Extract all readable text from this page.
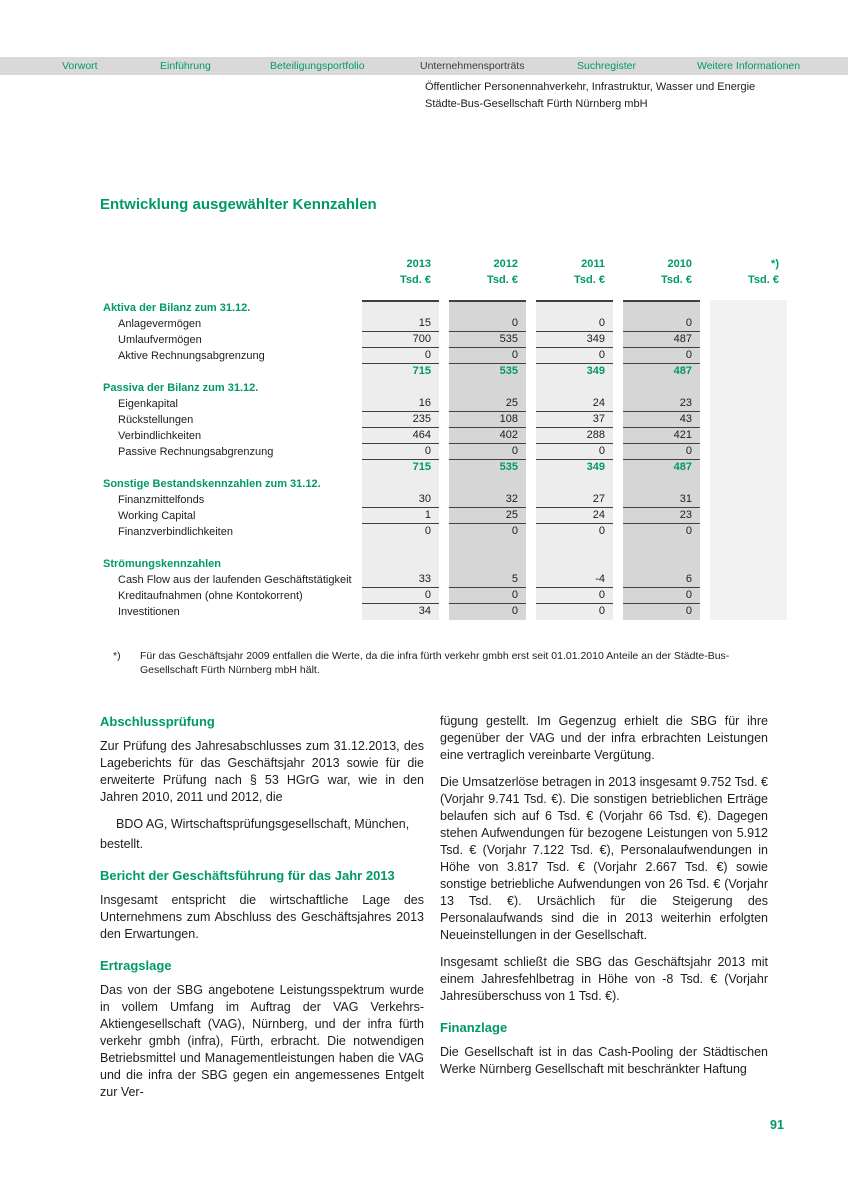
Vorwort	Einführung	Beteiligungsportfolio	Unternehmensporträts	Suchregister	Weitere Informationen
Öffentlicher Personennahverkehr, Infrastruktur, Wasser und Energie
Städte-Bus-Gesellschaft Fürth Nürnberg mbH
Entwicklung ausgewählter Kennzahlen
2013	2012	2011	2010	*)
Tsd. €	Tsd. €	Tsd. €	Tsd. €	Tsd. €
Aktiva der Bilanz zum 31.12.
Anlagevermögen	15	0	0	0
Umlaufvermögen	700	535	349	487
Aktive Rechnungsabgrenzung	0	0	0	0
715	535	349	487
Passiva der Bilanz zum 31.12.
Eigenkapital	16	25	24	23
Rückstellungen	235	108	37	43
Verbindlichkeiten	464	402	288	421
Passive Rechnungsabgrenzung	0	0	0	0
715	535	349	487
Sonstige Bestandskennzahlen zum 31.12.
Finanzmittelfonds	30	32	27	31
Working Capital	1	25	24	23
Finanzverbindlichkeiten	0	0	0	0
Strömungskennzahlen
Cash Flow aus der laufenden Geschäftstätigkeit	33	5	-4	6
Kreditaufnahmen (ohne Kontokorrent)	0	0	0	0
Investitionen	34	0	0	0
*)	Für das Geschäftsjahr 2009 entfallen die Werte, da die infra fürth verkehr gmbh erst seit 01.01.2010 Anteile an der Städte-Bus-Gesellschaft Fürth Nürnberg mbH hält.
Abschlussprüfung

Zur Prüfung des Jahresabschlusses zum 31.12.2013, des Lageberichts für das Geschäftsjahr 2013 sowie für die erweiterte Prüfung nach § 53 HGrG war, wie in den Jahren 2010, 2011 und 2012, die

BDO AG, Wirtschaftsprüfungsgesellschaft, München,

bestellt.

Bericht der Geschäftsführung für das Jahr 2013

Insgesamt entspricht die wirtschaftliche Lage des Unternehmens zum Abschluss des Geschäftsjahres 2013 den Erwartungen.

Ertragslage

Das von der SBG angebotene Leistungsspektrum wurde in vollem Umfang im Auftrag der VAG Verkehrs-Aktiengesellschaft (VAG), Nürnberg, und der infra fürth verkehr gmbh (infra), Fürth, erbracht. Die notwendigen Betriebsmittel und Managementleistungen haben die VAG und die infra der SBG gegen ein angemessenes Entgelt zur Ver-

fügung gestellt. Im Gegenzug erhielt die SBG für ihre gegenüber der VAG und der infra erbrachten Leistungen eine vertraglich vereinbarte Vergütung.

Die Umsatzerlöse betragen in 2013 insgesamt 9.752 Tsd. € (Vorjahr 9.741 Tsd. €). Die sonstigen betrieblichen Erträge belaufen sich auf 6 Tsd. € (Vorjahr 66 Tsd. €). Dagegen stehen Aufwendungen für bezogene Leistungen von 5.912 Tsd. € (Vorjahr 7.122 Tsd. €), Personalaufwendungen in Höhe von 3.817 Tsd. € (Vorjahr 2.667 Tsd. €) sowie sonstige betriebliche Aufwendungen von 26 Tsd. € (Vorjahr 13 Tsd. €). Ursächlich für die Steigerung des Personalaufwands sind die in 2013 weiterhin erfolgten Neueinstellungen in der Gesellschaft.

Insgesamt schließt die SBG das Geschäftsjahr 2013 mit einem Jahresfehlbetrag in Höhe von -8 Tsd. € (Vorjahr Jahresüberschuss von 1 Tsd. €).

Finanzlage

Die Gesellschaft ist in das Cash-Pooling der Städtischen Werke Nürnberg Gesellschaft mit beschränkter Haftung

91
